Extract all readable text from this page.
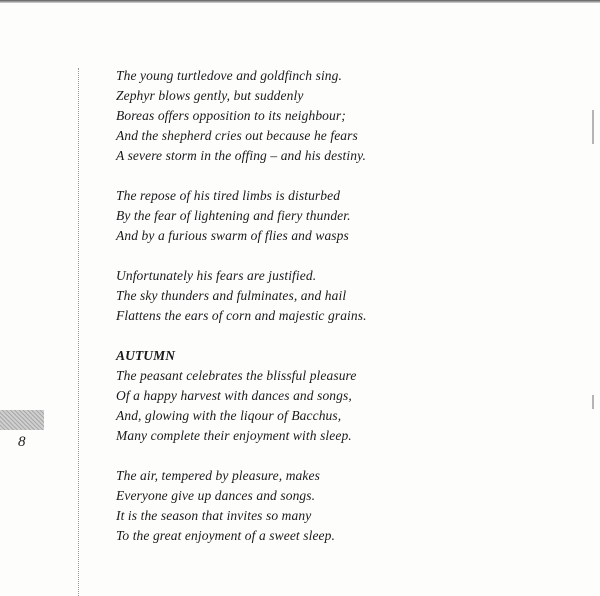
8

The young turtledove and goldfinch sing.
Zephyr blows gently, but suddenly
Boreas offers opposition to its neighbour;
And the shepherd cries out because he fears
A severe storm in the offing – and his destiny.

The repose of his tired limbs is disturbed
By the fear of lightening and fiery thunder.
And by a furious swarm of flies and wasps

Unfortunately his fears are justified.
The sky thunders and fulminates, and hail
Flattens the ears of corn and majestic grains.

AUTUMN
The peasant celebrates the blissful pleasure
Of a happy harvest with dances and songs,
And, glowing with the liqour of Bacchus,
Many complete their enjoyment with sleep.

The air, tempered by pleasure, makes
Everyone give up dances and songs.
It is the season that invites so many
To the great enjoyment of a sweet sleep.
